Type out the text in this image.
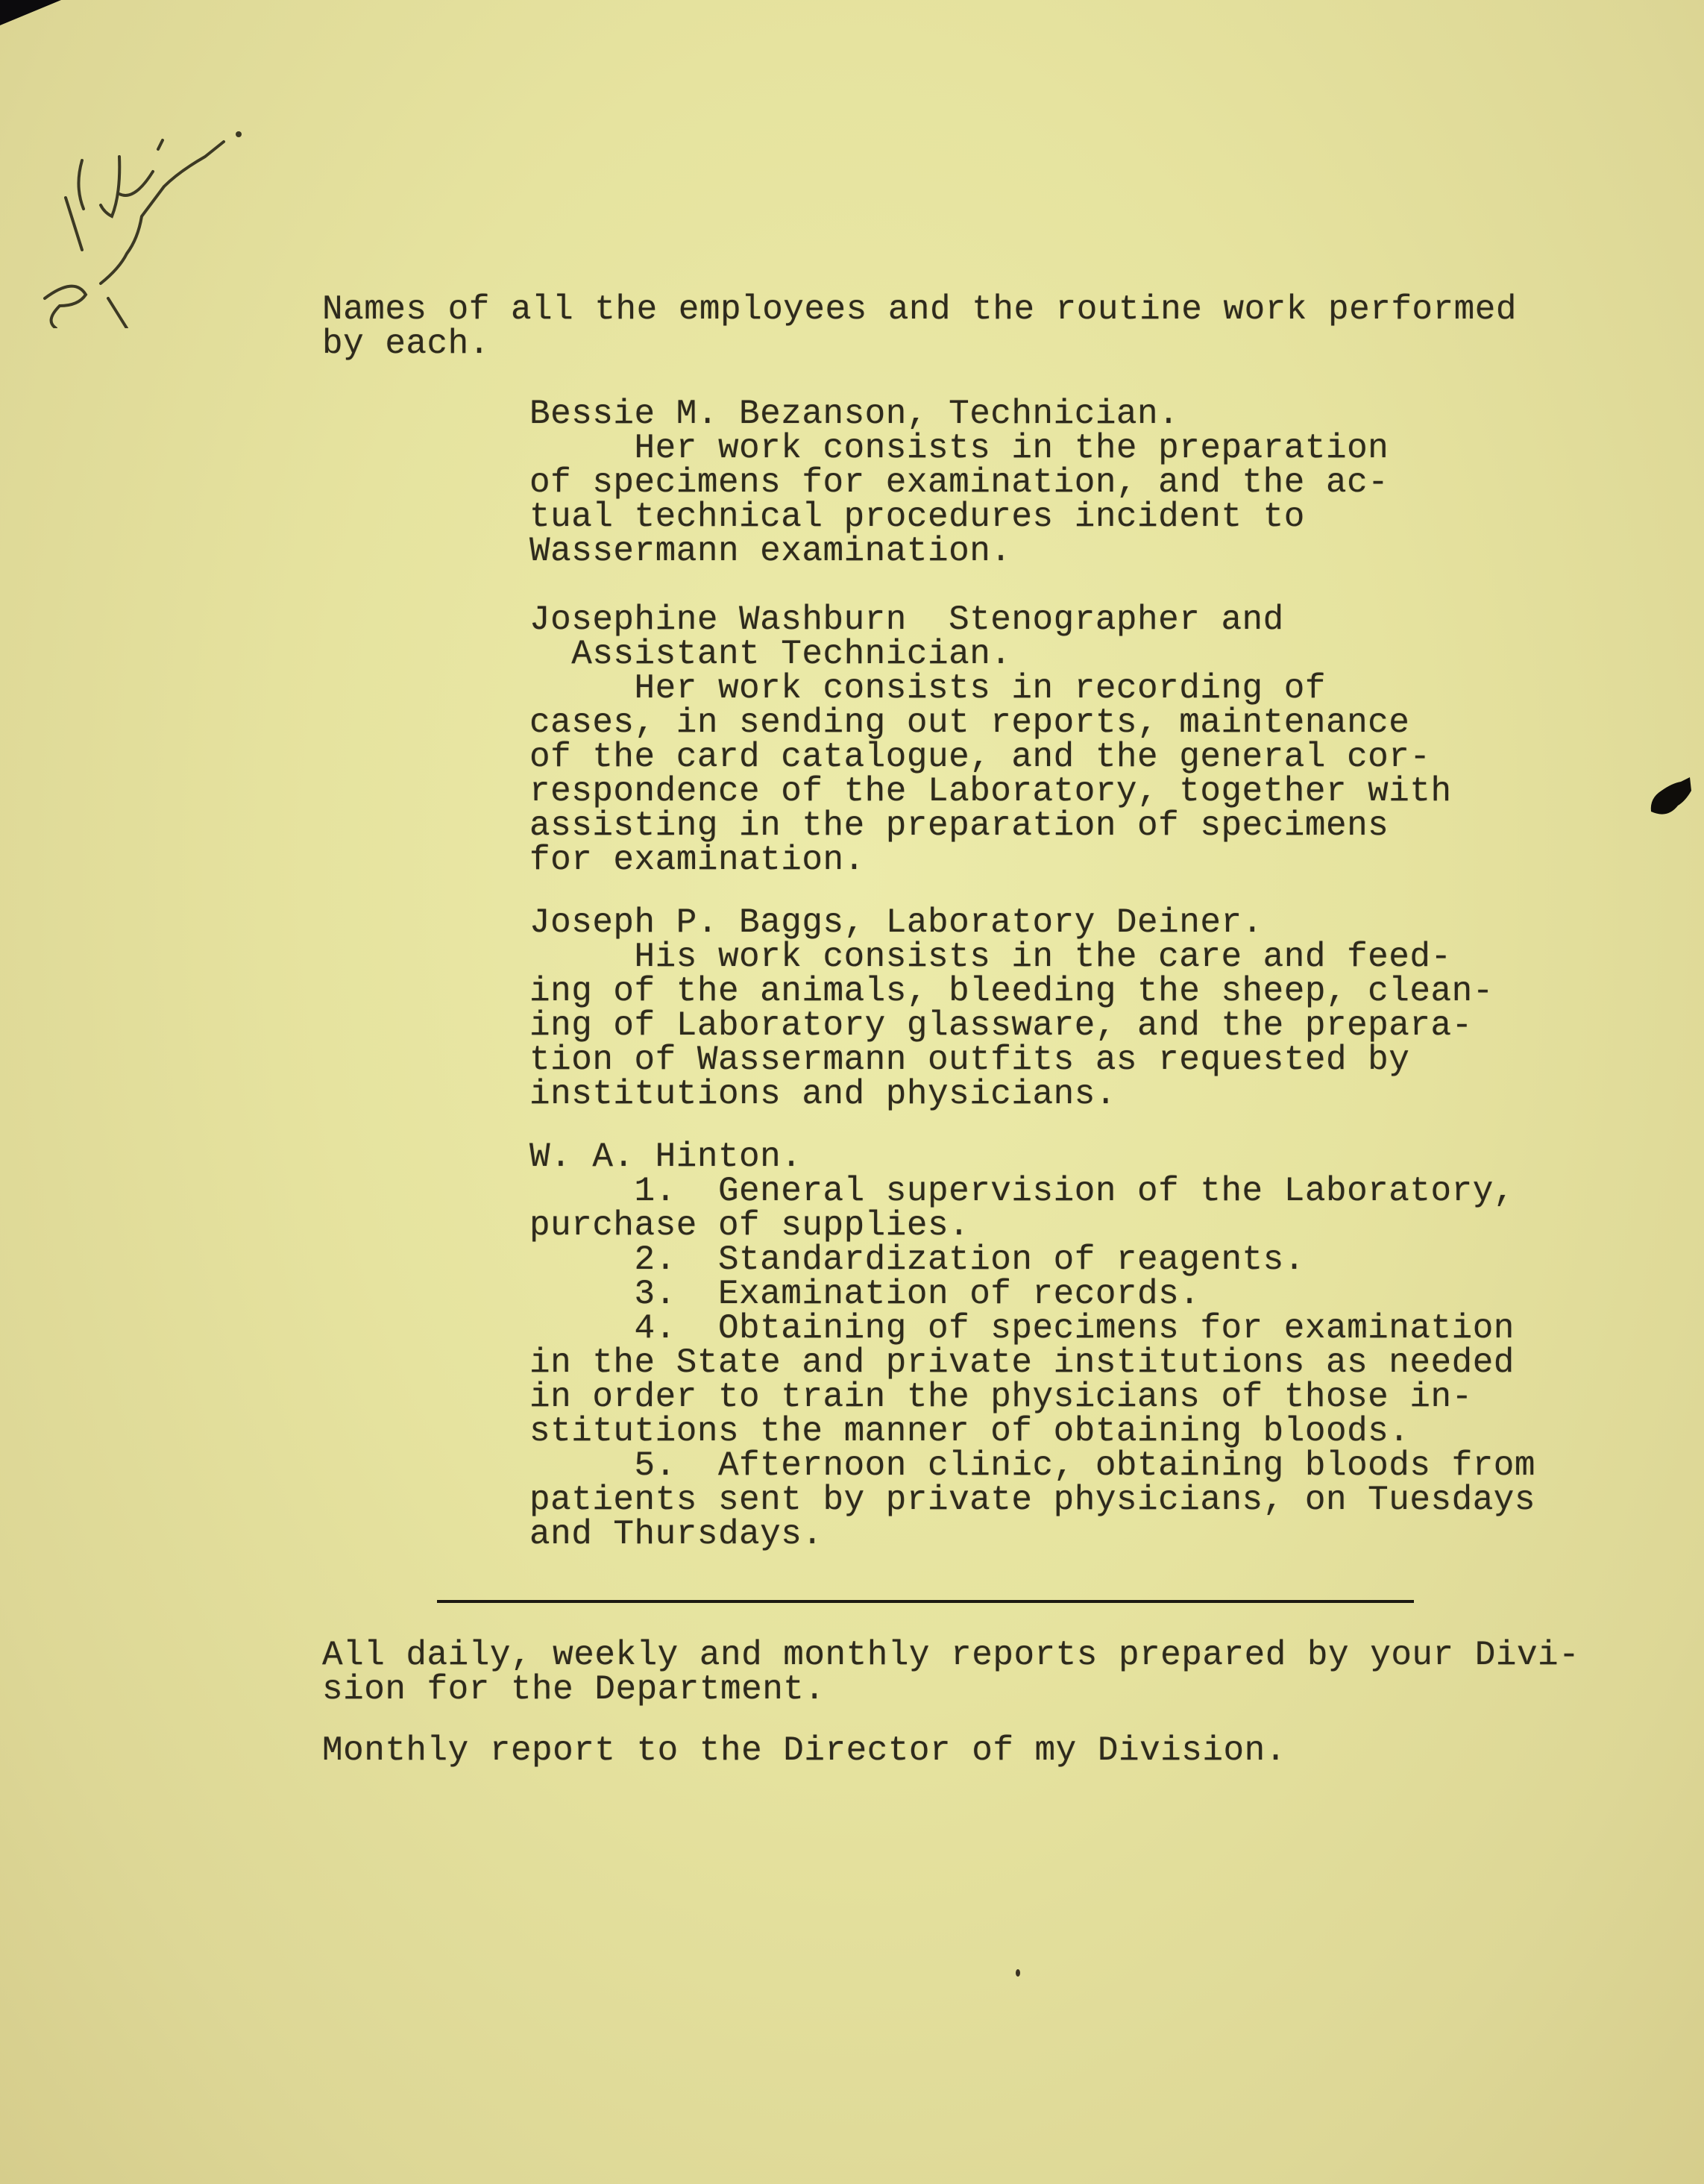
Names of all the employees and the routine work performed
by each.
Bessie M. Bezanson, Technician.
Her work consists in the preparation
of specimens for examination, and the ac-
tual technical procedures incident to
Wassermann examination.
Josephine Washburn  Stenographer and
Assistant Technician.
Her work consists in recording of
cases, in sending out reports, maintenance
of the card catalogue, and the general cor-
respondence of the Laboratory, together with
assisting in the preparation of specimens
for examination.
Joseph P. Baggs, Laboratory Deiner.
His work consists in the care and feed-
ing of the animals, bleeding the sheep, clean-
ing of Laboratory glassware, and the prepara-
tion of Wassermann outfits as requested by
institutions and physicians.
W. A. Hinton.
1.  General supervision of the Laboratory,
purchase of supplies.
2.  Standardization of reagents.
3.  Examination of records.
4.  Obtaining of specimens for examination
in the State and private institutions as needed
in order to train the physicians of those in-
stitutions the manner of obtaining bloods.
5.  Afternoon clinic, obtaining bloods from
patients sent by private physicians, on Tuesdays
and Thursdays.
All daily, weekly and monthly reports prepared by your Divi-
sion for the Department.
Monthly report to the Director of my Division.
